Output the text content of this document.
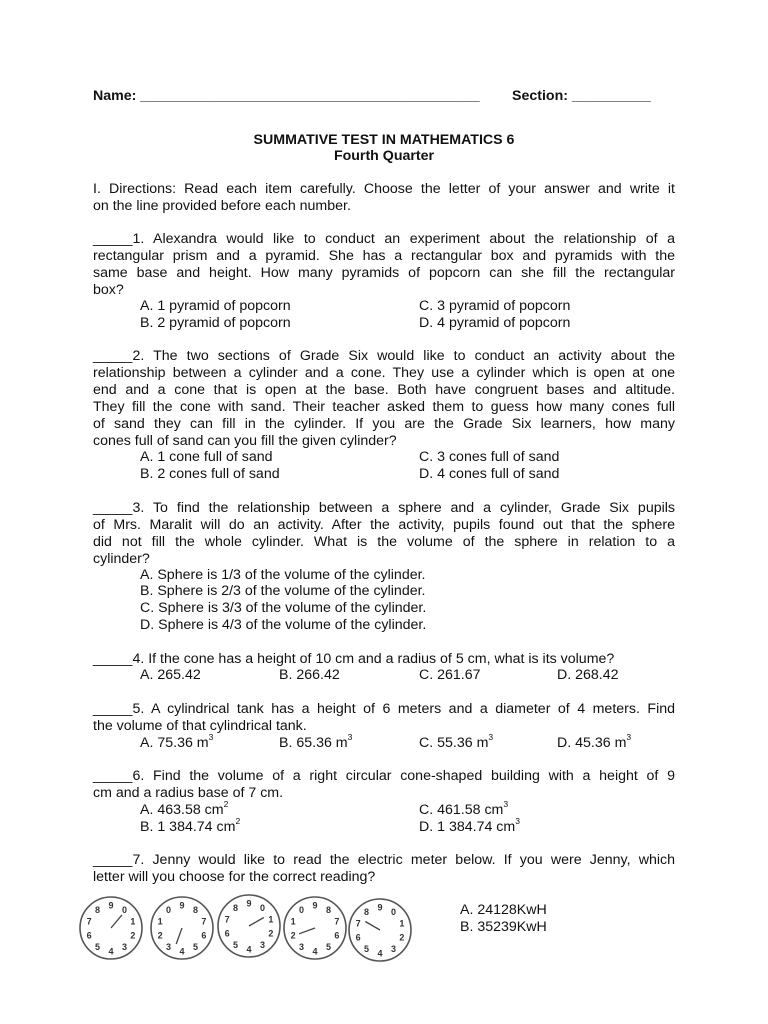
Name: ___________________________________________ Section: __________
SUMMATIVE TEST IN MATHEMATICS 6
Fourth Quarter
I. Directions: Read each item carefully. Choose the letter of your answer and write it
on the line provided before each number.
_____1. Alexandra would like to conduct an experiment about the relationship of a
rectangular prism and a pyramid. She has a rectangular box and pyramids with the
same base and height. How many pyramids of popcorn can she fill the rectangular
box?
A. 1 pyramid of popcorn
B. 2 pyramid of popcorn
C. 3 pyramid of popcorn
D. 4 pyramid of popcorn
_____2. The two sections of Grade Six would like to conduct an activity about the
relationship between a cylinder and a cone. They use a cylinder which is open at one
end and a cone that is open at the base. Both have congruent bases and altitude.
They fill the cone with sand. Their teacher asked them to guess how many cones full
of sand they can fill in the cylinder. If you are the Grade Six learners, how many
cones full of sand can you fill the given cylinder?
A. 1 cone full of sand
B. 2 cones full of sand
C. 3 cones full of sand
D. 4 cones full of sand
_____3. To find the relationship between a sphere and a cylinder, Grade Six pupils
of Mrs. Maralit will do an activity. After the activity, pupils found out that the sphere
did not fill the whole cylinder. What is the volume of the sphere in relation to a
cylinder?
A. Sphere is 1/3 of the volume of the cylinder.
B. Sphere is 2/3 of the volume of the cylinder.
C. Sphere is 3/3 of the volume of the cylinder.
D. Sphere is 4/3 of the volume of the cylinder.
_____4. If the cone has a height of 10 cm and a radius of 5 cm, what is its volume?
A. 265.42	B. 266.42	C. 261.67	D. 268.42
_____5. A cylindrical tank has a height of 6 meters and a diameter of 4 meters. Find
the volume of that cylindrical tank.
A. 75.36 $m^3$	B. 65.36 $m^3$	C. 55.36 $m^3$	D. 45.36 $m^3$
_____6. Find the volume of a right circular cone-shaped building with a height of 9
cm and a radius base of 7 cm.
A. 463.58 $cm^2$
B. 1 384.74 $cm^2$
C. 461.58 $cm^3$
D. 1 384.74 $cm^3$
_____7. Jenny would like to read the electric meter below. If you were Jenny, which
letter will you choose for the correct reading?
A. 24128KwH
B. 35239KwH
9 0
1
2
3
4
5
6
7
8	9
0
1
2
3 4 5
6
7
8
9 0
1
2
3
4
5
6
7
8	9
0
1
2
3 4 5
6
7
8	9 0
1
2
3
4
5
6
7
8
